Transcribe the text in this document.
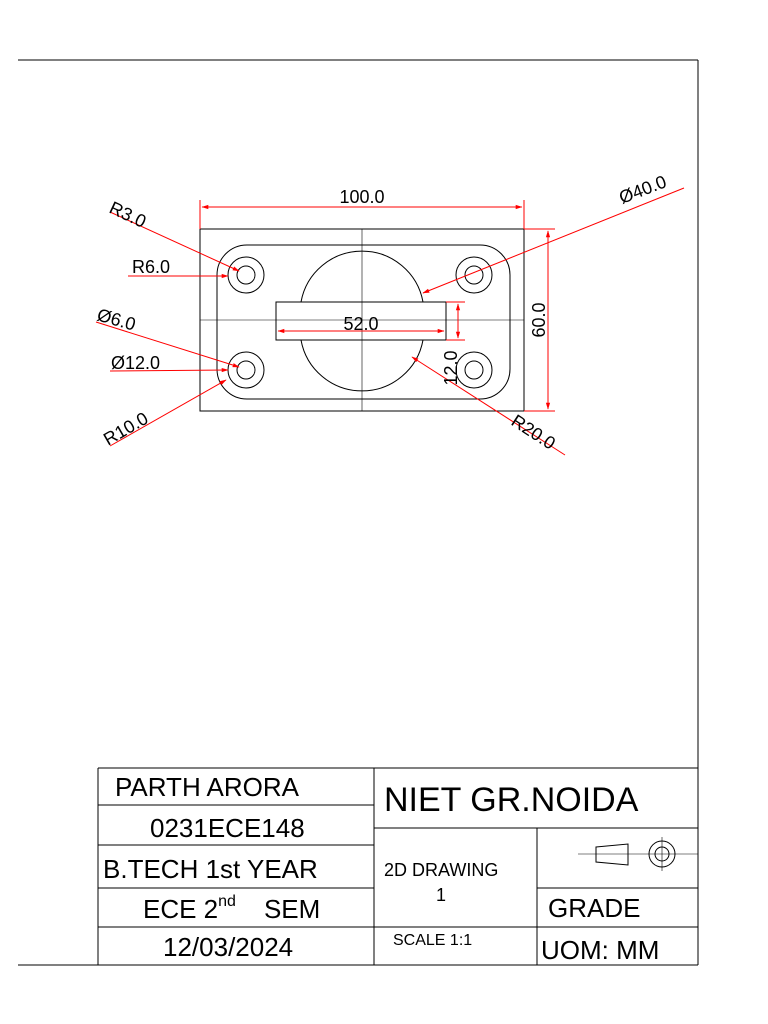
100.0
60.0
52.0
12.0
Ø40.0
R20.0
R3.0
R6.0
Ø6.0
Ø12.0
R10.0
PARTH ARORA
0231ECE148
B.TECH 1st YEAR
ECE 2nd SEM
12/03/2024
NIET GR.NOIDA
2D DRAWING
1
SCALE 1:1
GRADE
UOM: MM
